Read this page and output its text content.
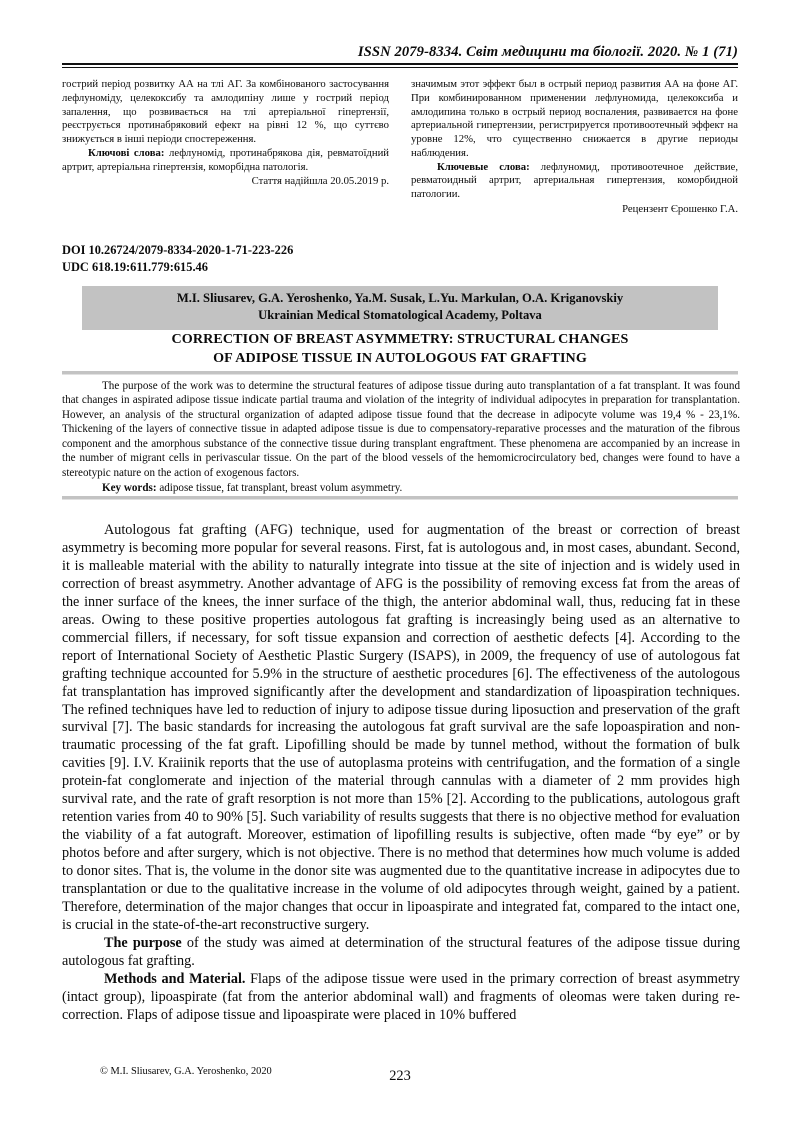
ISSN 2079-8334. Світ медицини та біології. 2020. № 1 (71)

гострий період розвитку АА на тлі АГ. За комбінованого застосування лефлуноміду, целекоксибу та амлодипіну лише у гострий період запалення, що розвивається на тлі артеріальної гіпертензії, реєструється протинабряковий ефект на рівні 12 %, що суттєво знижується в інші періоди спостереження.

Ключові слова: лефлуномід, протинабрякова дія, ревматоїдний артрит, артеріальна гіпертензія, коморбідна патологія.

Стаття надійшла 20.05.2019 р.

значимым этот эффект был в острый период развития АА на фоне АГ. При комбинированном применении лефлуномида, целекоксиба и амлодипина только в острый период воспаления, развивается на фоне артериальной гипертензии, регистрируется противоотечный эффект на уровне 12%, что существенно снижается в другие периоды наблюдения.

Ключевые слова: лефлуномид, противоотечное действие, ревматоидный артрит, артериальная гипертензия, коморбидной патологии.

Рецензент Єрошенко Г.А.

DOI 10.26724/2079-8334-2020-1-71-223-226
UDC 618.19:611.779:615.46
M.I. Sliusarev, G.A. Yeroshenko, Ya.M. Susak, L.Yu. Markulan, O.A. Kriganovskiy
Ukrainian Medical Stomatological Academy, Poltava
CORRECTION OF BREAST ASYMMETRY: STRUCTURAL CHANGES
OF ADIPOSE TISSUE IN AUTOLOGOUS FAT GRAFTING

The purpose of the work was to determine the structural features of adipose tissue during auto transplantation of a fat transplant. It was found that changes in aspirated adipose tissue indicate partial trauma and violation of the integrity of individual adipocytes in preparation for transplantation. However, an analysis of the structural organization of adapted adipose tissue found that the decrease in adipocyte volume was 19,4 % - 23,1%. Thickening of the layers of connective tissue in adapted adipose tissue is due to compensatory-reparative processes and the maturation of the fibrous component and the amorphous substance of the connective tissue during transplant engraftment. These phenomena are accompanied by an increase in the number of migrant cells in perivascular tissue. On the part of the blood vessels of the hemomicrocirculatory bed, changes were found to have a stereotypic nature on the action of exogenous factors.

Key words: adipose tissue, fat transplant, breast volum asymmetry.

Autologous fat grafting (AFG) technique, used for augmentation of the breast or correction of breast asymmetry is becoming more popular for several reasons. First, fat is autologous and, in most cases, abundant. Second, it is malleable material with the ability to naturally integrate into tissue at the site of injection and is widely used in correction of breast asymmetry. Another advantage of AFG is the possibility of removing excess fat from the areas of the inner surface of the knees, the inner surface of the thigh, the anterior abdominal wall, thus, reducing fat in these areas. Owing to these positive properties autologous fat grafting is increasingly being used as an alternative to commercial fillers, if necessary, for soft tissue expansion and correction of aesthetic defects [4]. According to the report of International Society of Aesthetic Plastic Surgery (ISAPS), in 2009, the frequency of use of autologous fat grafting technique accounted for 5.9% in the structure of aesthetic procedures [6]. The effectiveness of the autologous fat transplantation has improved significantly after the development and standardization of lipoaspiration techniques. The refined techniques have led to reduction of injury to adipose tissue during liposuction and preservation of the graft survival [7]. The basic standards for increasing the autologous fat graft survival are the safe lopoaspiration and non-traumatic processing of the fat graft. Lipofilling should be made by tunnel method, without the formation of bulk cavities [9]. I.V. Kraiinik reports that the use of autoplasma proteins with centrifugation, and the formation of a single protein-fat conglomerate and injection of the material through cannulas with a diameter of 2 mm provides high survival rate, and the rate of graft resorption is not more than 15% [2]. According to the publications, autologous graft retention varies from 40 to 90% [5]. Such variability of results suggests that there is no objective method for evaluation the viability of a fat autograft. Moreover, estimation of lipofilling results is subjective, often made “by eye” or by photos before and after surgery, which is not objective. There is no method that determines how much volume is added to donor sites. That is, the volume in the donor site was augmented due to the quantitative increase in adipocytes due to transplantation or due to the qualitative increase in the volume of old adipocytes through weight, gained by a patient. Therefore, determination of the major changes that occur in lipoaspirate and integrated fat, compared to the intact one, is crucial in the state-of-the-art reconstructive surgery.

The purpose of the study was aimed at determination of the structural features of the adipose tissue during autologous fat grafting.

Methods and Material. Flaps of the adipose tissue were used in the primary correction of breast asymmetry (intact group), lipoaspirate (fat from the anterior abdominal wall) and fragments of oleomas were taken during re-correction. Flaps of adipose tissue and lipoaspirate were placed in 10% buffered

© M.I. Sliusarev, G.A. Yeroshenko, 2020	223
